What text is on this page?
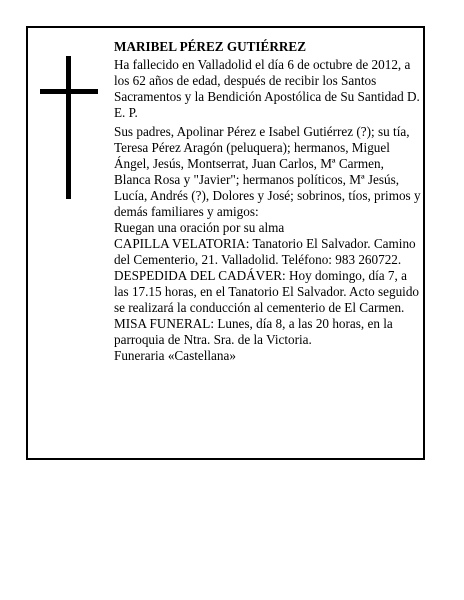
MARIBEL PÉREZ GUTIÉRREZ

Ha fallecido en Valladolid el día 6 de octubre de 2012, a los 62 años de edad, después de recibir los Santos Sacramentos y la Bendición Apostólica de Su Santidad D. E. P.

Sus padres, Apolinar Pérez e Isabel Gutiérrez (?); su tía, Teresa Pérez Aragón (peluquera); hermanos, Miguel Ángel, Jesús, Montserrat, Juan Carlos, Mª Carmen, Blanca Rosa y "Javier"; hermanos políticos, Mª Jesús, Lucía, Andrés (?), Dolores y José; sobrinos, tíos, primos y demás familiares y amigos:

Ruegan una oración por su alma

CAPILLA VELATORIA: Tanatorio El Salvador. Camino del Cementerio, 21. Valladolid. Teléfono: 983 260722.

DESPEDIDA DEL CADÁVER: Hoy domingo, día 7, a las 17.15 horas, en el Tanatorio El Salvador. Acto seguido se realizará la conducción al cementerio de El Carmen.

MISA FUNERAL: Lunes, día 8, a las 20 horas, en la parroquia de Ntra. Sra. de la Victoria.

Funeraria «Castellana»
